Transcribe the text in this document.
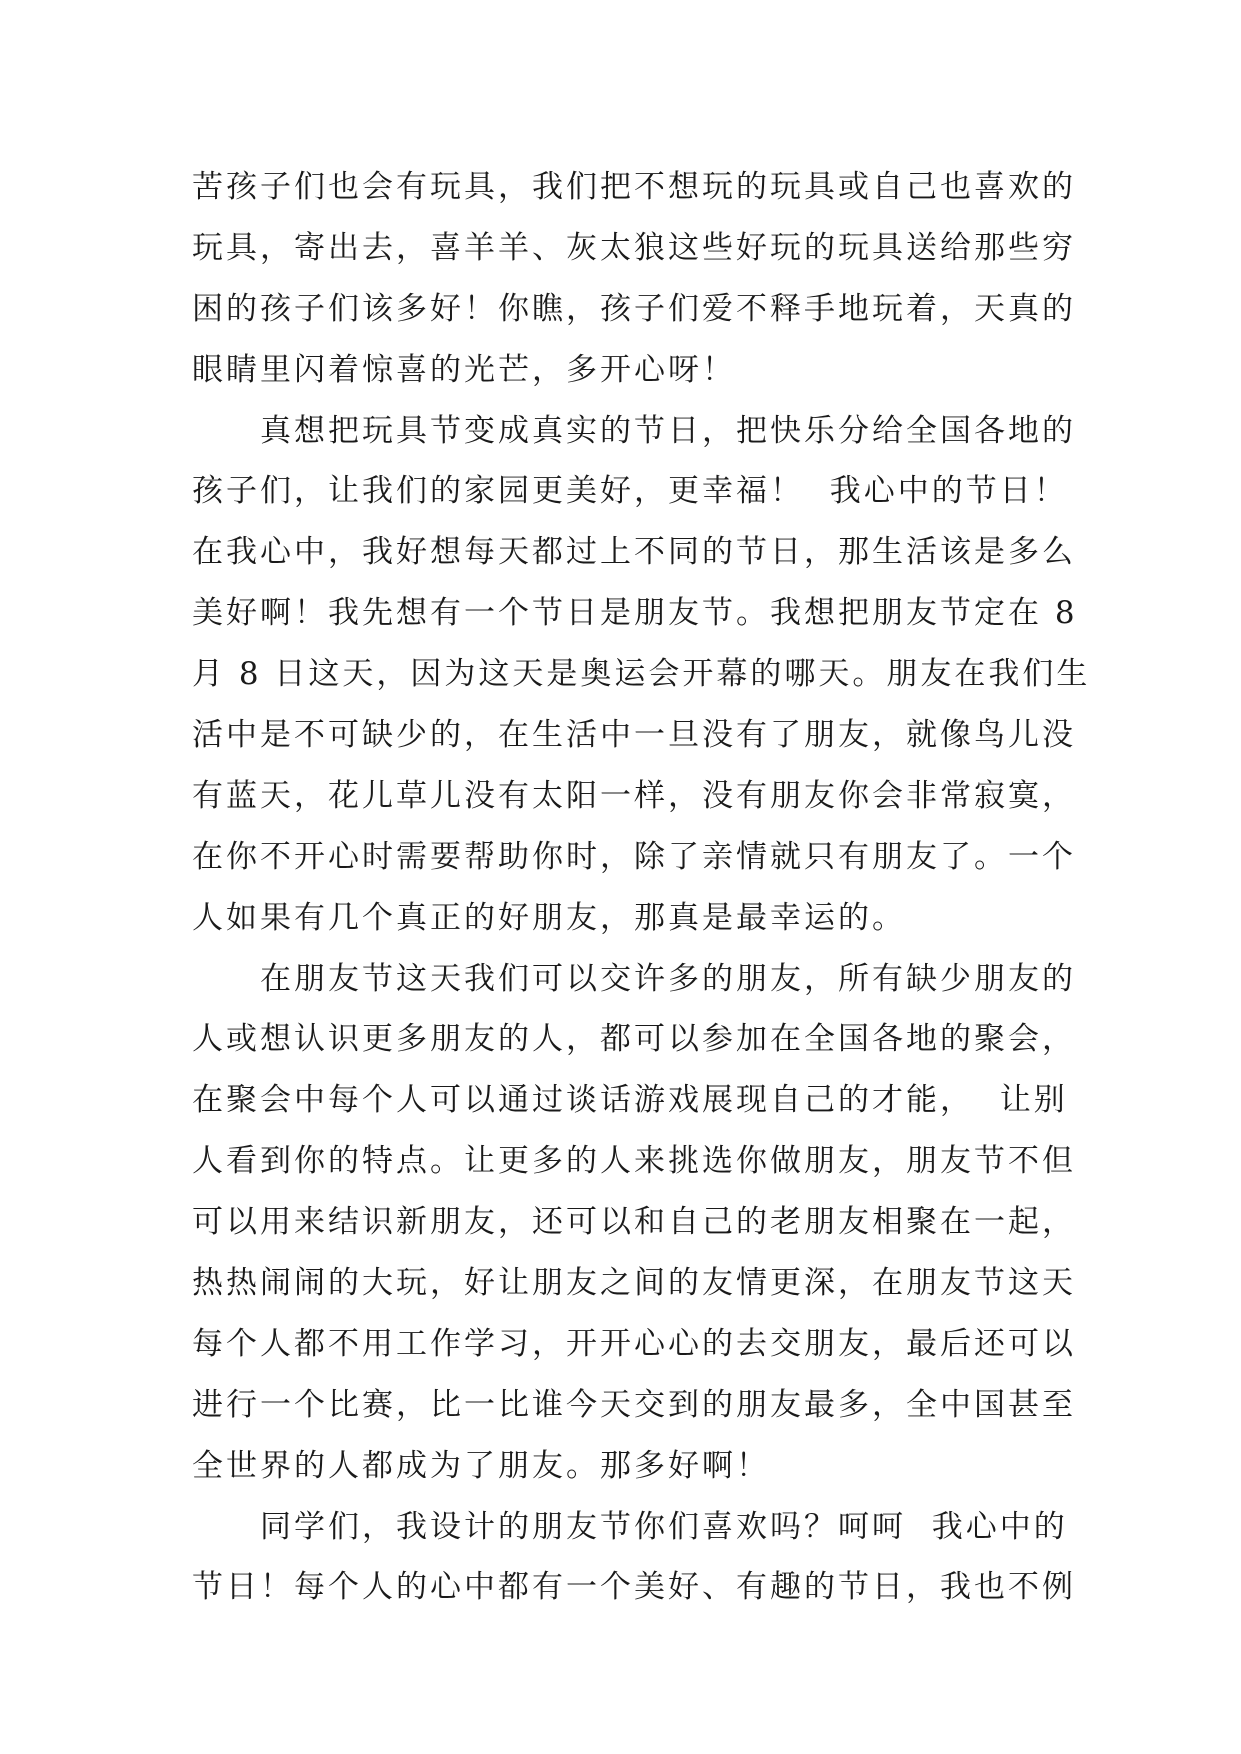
苦孩子们也会有玩具，我们把不想玩的玩具或自己也喜欢的
玩具，寄出去，喜羊羊、灰太狼这些好玩的玩具送给那些穷
困的孩子们该多好！你瞧，孩子们爱不释手地玩着，天真的
眼睛里闪着惊喜的光芒，多开心呀！
　　真想把玩具节变成真实的节日，把快乐分给全国各地的
孩子们，让我们的家园更美好，更幸福！  我心中的节日！
在我心中，我好想每天都过上不同的节日，那生活该是多么
美好啊！我先想有一个节日是朋友节。我想把朋友节定在 8
月 8 日这天，因为这天是奥运会开幕的哪天。朋友在我们生
活中是不可缺少的，在生活中一旦没有了朋友，就像鸟儿没
有蓝天，花儿草儿没有太阳一样，没有朋友你会非常寂寞，
在你不开心时需要帮助你时，除了亲情就只有朋友了。一个
人如果有几个真正的好朋友，那真是最幸运的。
　　在朋友节这天我们可以交许多的朋友，所有缺少朋友的
人或想认识更多朋友的人，都可以参加在全国各地的聚会，
在聚会中每个人可以通过谈话游戏展现自己的才能，  让别
人看到你的特点。让更多的人来挑选你做朋友，朋友节不但
可以用来结识新朋友，还可以和自己的老朋友相聚在一起，
热热闹闹的大玩，好让朋友之间的友情更深，在朋友节这天
每个人都不用工作学习，开开心心的去交朋友，最后还可以
进行一个比赛，比一比谁今天交到的朋友最多，全中国甚至
全世界的人都成为了朋友。那多好啊！
　　同学们，我设计的朋友节你们喜欢吗？呵呵  我心中的
节日！每个人的心中都有一个美好、有趣的节日，我也不例
